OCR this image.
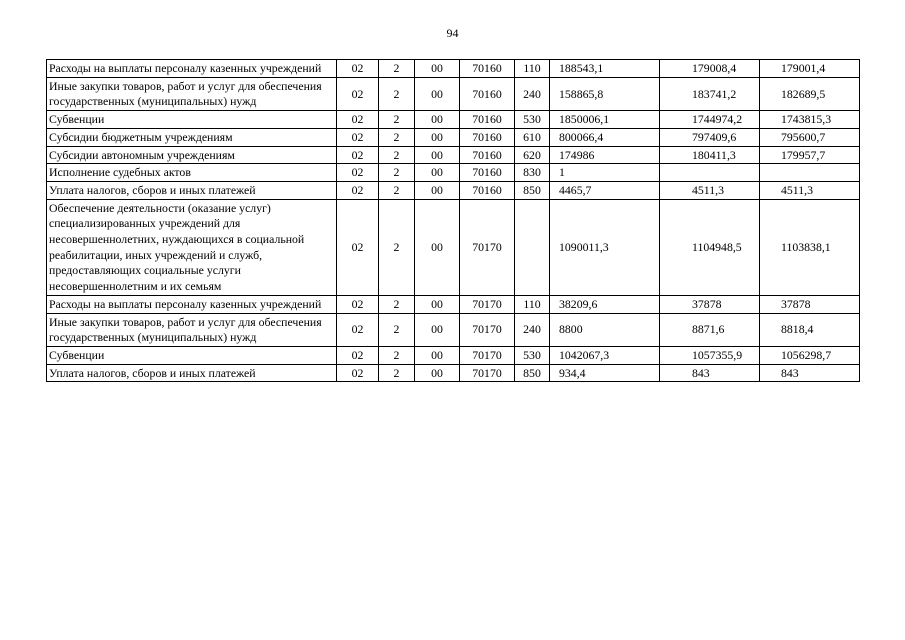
94
Расходы на выплаты персоналу казенных учреждений	02	2	00	70160	110	188543,1	179008,4	179001,4
Иные закупки товаров, работ и услуг для обеспечения государственных (муниципальных) нужд	02	2	00	70160	240	158865,8	183741,2	182689,5
Субвенции	02	2	00	70160	530	1850006,1	1744974,2	1743815,3
Субсидии бюджетным учреждениям	02	2	00	70160	610	800066,4	797409,6	795600,7
Субсидии автономным учреждениям	02	2	00	70160	620	174986	180411,3	179957,7
Исполнение судебных актов	02	2	00	70160	830	1		
Уплата налогов, сборов и иных платежей	02	2	00	70160	850	4465,7	4511,3	4511,3
Обеспечение деятельности (оказание услуг) специализированных учреждений для несовершеннолетних, нуждающихся в социальной реабилитации, иных учреждений и служб, предоставляющих социальные услуги несовершеннолетним и их семьям	02	2	00	70170		1090011,3	1104948,5	1103838,1
Расходы на выплаты персоналу казенных учреждений	02	2	00	70170	110	38209,6	37878	37878
Иные закупки товаров, работ и услуг для обеспечения государственных (муниципальных) нужд	02	2	00	70170	240	8800	8871,6	8818,4
Субвенции	02	2	00	70170	530	1042067,3	1057355,9	1056298,7
Уплата налогов, сборов и иных платежей	02	2	00	70170	850	934,4	843	843
